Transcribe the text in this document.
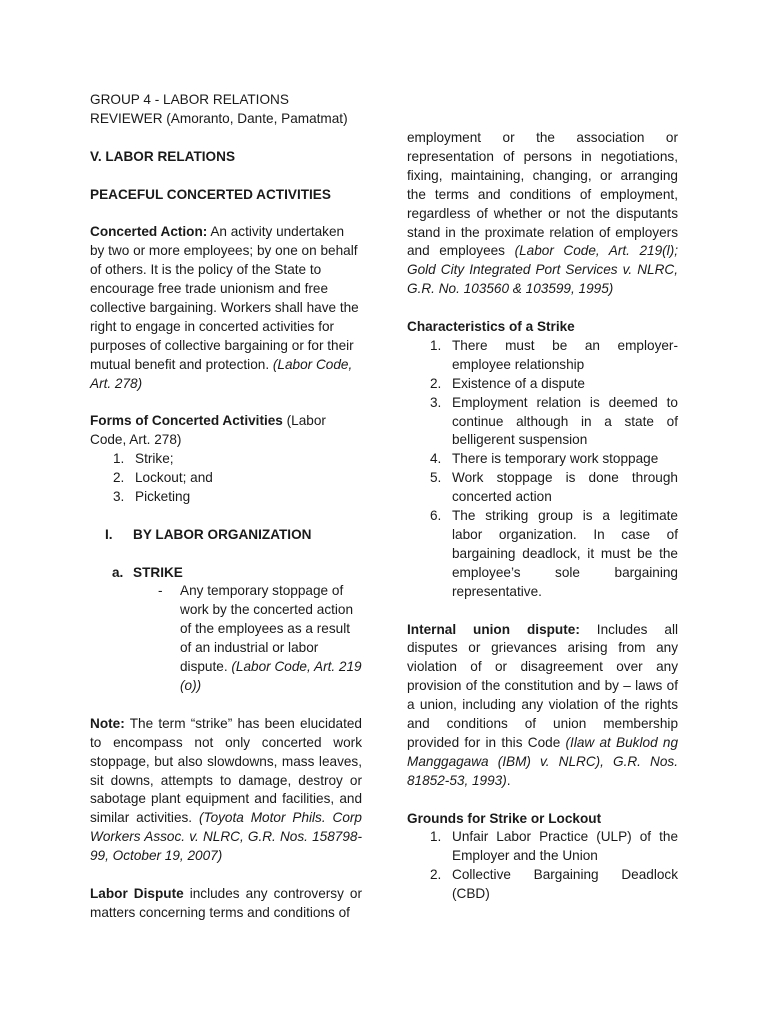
GROUP 4 - LABOR RELATIONS

REVIEWER (Amoranto, Dante, Pamatmat)

V. LABOR RELATIONS

PEACEFUL CONCERTED ACTIVITIES

Concerted Action: An activity undertaken by two or more employees; by one on behalf of others. It is the policy of the State to encourage free trade unionism and free collective bargaining. Workers shall have the right to engage in concerted activities for purposes of collective bargaining or for their mutual benefit and protection. (Labor Code, Art. 278)

Forms of Concerted Activities (Labor Code, Art. 278)

1. Strike;
2. Lockout; and
3. Picketing

I. BY LABOR ORGANIZATION

a. STRIKE

- Any temporary stoppage of work by the concerted action of the employees as a result of an industrial or labor dispute. (Labor Code, Art. 219 (o))

Note: The term “strike” has been elucidated to encompass not only concerted work stoppage, but also slowdowns, mass leaves, sit downs, attempts to damage, destroy or sabotage plant equipment and facilities, and similar activities. (Toyota Motor Phils. Corp Workers Assoc. v. NLRC, G.R. Nos. 158798-99, October 19, 2007)

Labor Dispute includes any controversy or matters concerning terms and conditions of

employment or the association or representation of persons in negotiations, fixing, maintaining, changing, or arranging the terms and conditions of employment, regardless of whether or not the disputants stand in the proximate relation of employers and employees (Labor Code, Art. 219(l); Gold City Integrated Port Services v. NLRC, G.R. No. 103560 & 103599, 1995)

Characteristics of a Strike

1. There must be an employer-employee relationship
2. Existence of a dispute
3. Employment relation is deemed to continue although in a state of belligerent suspension
4. There is temporary work stoppage
5. Work stoppage is done through concerted action
6. The striking group is a legitimate labor organization. In case of bargaining deadlock, it must be the employee’s sole bargaining representative.

Internal union dispute: Includes all disputes or grievances arising from any violation of or disagreement over any provision of the constitution and by – laws of a union, including any violation of the rights and conditions of union membership provided for in this Code (Ilaw at Buklod ng Manggagawa (IBM) v. NLRC), G.R. Nos. 81852-53, 1993).

Grounds for Strike or Lockout

1. Unfair Labor Practice (ULP) of the Employer and the Union
2. Collective Bargaining Deadlock (CBD)
